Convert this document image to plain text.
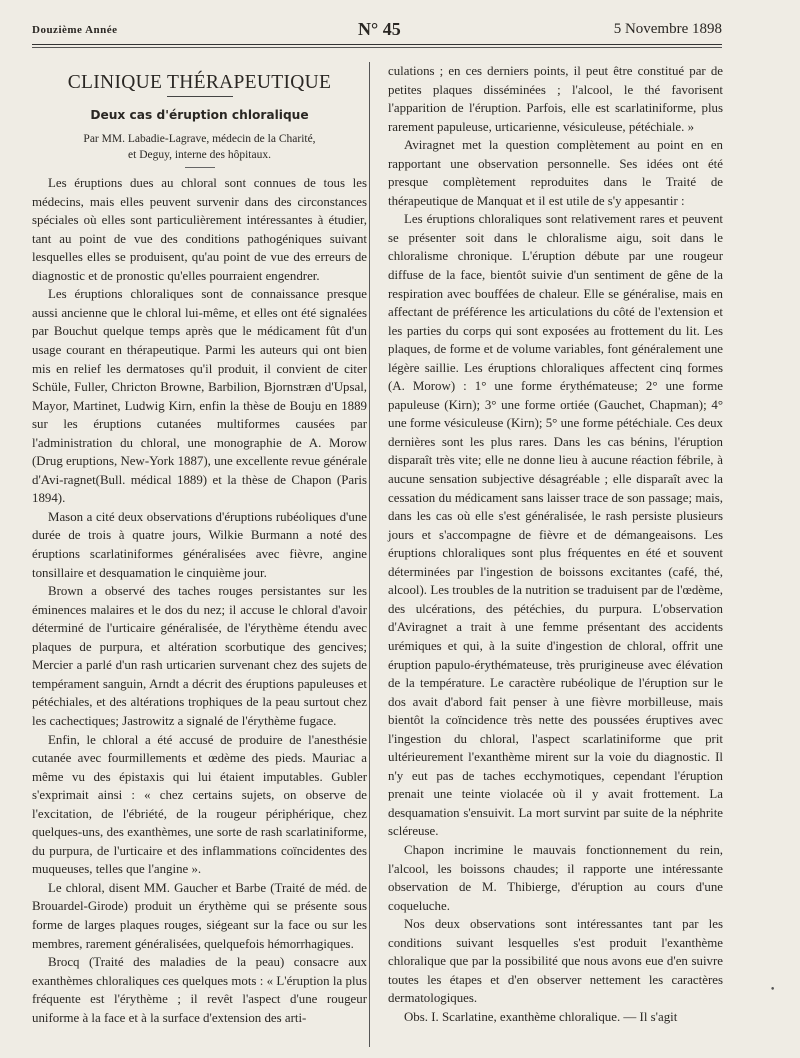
Douzième Année	N° 45	5 Novembre 1898
CLINIQUE THÉRAPEUTIQUE
Deux cas d'éruption chloralique
Par MM. Labadie-Lagrave, médecin de la Charité,
et Deguy, interne des hôpitaux.

Les éruptions dues au chloral sont connues de tous les médecins, mais elles peuvent survenir dans des circonstances spéciales où elles sont particulièrement intéressantes à étudier, tant au point de vue des conditions pathogéniques suivant lesquelles elles se produisent, qu'au point de vue des erreurs de diagnostic et de pronostic qu'elles pourraient engendrer.

Les éruptions chloraliques sont de connaissance presque aussi ancienne que le chloral lui-même, et elles ont été signalées par Bouchut quelque temps après que le médicament fût d'un usage courant en thérapeutique. Parmi les auteurs qui ont bien mis en relief les dermatoses qu'il produit, il convient de citer Schüle, Fuller, Chricton Browne, Barbilion, Bjornstræn d'Upsal, Mayor, Martinet, Ludwig Kirn, enfin la thèse de Bouju en 1889 sur les éruptions cutanées multiformes causées par l'administration du chloral, une monographie de A. Morow (Drug eruptions, New-York 1887), une excellente revue générale d'Avi-ragnet(Bull. médical 1889) et la thèse de Chapon (Paris 1894).

Mason a cité deux observations d'éruptions rubéoliques d'une durée de trois à quatre jours, Wilkie Burmann a noté des éruptions scarlatiniformes généralisées avec fièvre, angine tonsillaire et desquamation le cinquième jour.

Brown a observé des taches rouges persistantes sur les éminences malaires et le dos du nez; il accuse le chloral d'avoir déterminé de l'urticaire généralisée, de l'érythème étendu avec plaques de purpura, et altération scorbutique des gencives; Mercier a parlé d'un rash urticarien survenant chez des sujets de tempérament sanguin, Arndt a décrit des éruptions papuleuses et pétéchiales, et des altérations trophiques de la peau surtout chez les cachectiques; Jastrowitz a signalé de l'érythème fugace.

Enfin, le chloral a été accusé de produire de l'anesthésie cutanée avec fourmillements et œdème des pieds. Mauriac a même vu des épistaxis qui lui étaient imputables. Gubler s'exprimait ainsi : « chez certains sujets, on observe de l'excitation, de l'ébriété, de la rougeur périphérique, chez quelques-uns, des exanthèmes, une sorte de rash scarlatiniforme, du purpura, de l'urticaire et des inflammations coïncidentes des muqueuses, telles que l'angine ».

Le chloral, disent MM. Gaucher et Barbe (Traité de méd. de Brouardel-Girode) produit un érythème qui se présente sous forme de larges plaques rouges, siégeant sur la face ou sur les membres, rarement généralisées, quelquefois hémorrhagiques.

Brocq (Traité des maladies de la peau) consacre aux exanthèmes chloraliques ces quelques mots : « L'éruption la plus fréquente est l'érythème ; il revêt l'aspect d'une rougeur uniforme à la face et à la surface d'extension des arti-

culations ; en ces derniers points, il peut être constitué par de petites plaques disséminées ; l'alcool, le thé favorisent l'apparition de l'éruption. Parfois, elle est scarlatiniforme, plus rarement papuleuse, urticarienne, vésiculeuse, pétéchiale. »

Aviragnet met la question complètement au point en en rapportant une observation personnelle. Ses idées ont été presque complètement reproduites dans le Traité de thérapeutique de Manquat et il est utile de s'y appesantir :

Les éruptions chloraliques sont relativement rares et peuvent se présenter soit dans le chloralisme aigu, soit dans le chloralisme chronique. L'éruption débute par une rougeur diffuse de la face, bientôt suivie d'un sentiment de gêne de la respiration avec bouffées de chaleur. Elle se généralise, mais en affectant de préférence les articulations du côté de l'extension et les parties du corps qui sont exposées au frottement du lit. Les plaques, de forme et de volume variables, font généralement une légère saillie. Les éruptions chloraliques affectent cinq formes (A. Morow) : 1° une forme érythémateuse; 2° une forme papuleuse (Kirn); 3° une forme ortiée (Gauchet, Chapman); 4° une forme vésiculeuse (Kirn); 5° une forme pétéchiale. Ces deux dernières sont les plus rares. Dans les cas bénins, l'éruption disparaît très vite; elle ne donne lieu à aucune réaction fébrile, à aucune sensation subjective désagréable ; elle disparaît avec la cessation du médicament sans laisser trace de son passage; mais, dans les cas où elle s'est généralisée, le rash persiste plusieurs jours et s'accompagne de fièvre et de démangeaisons. Les éruptions chloraliques sont plus fréquentes en été et souvent déterminées par l'ingestion de boissons excitantes (café, thé, alcool). Les troubles de la nutrition se traduisent par de l'œdème, des ulcérations, des pétéchies, du purpura. L'observation d'Aviragnet a trait à une femme présentant des accidents urémiques et qui, à la suite d'ingestion de chloral, offrit une éruption papulo-érythémateuse, très prurigineuse avec élévation de la température. Le caractère rubéolique de l'éruption sur le dos avait d'abord fait penser à une fièvre morbilleuse, mais bientôt la coïncidence très nette des poussées éruptives avec l'ingestion du chloral, l'aspect scarlatiniforme que prit ultérieurement l'exanthème mirent sur la voie du diagnostic. Il n'y eut pas de taches ecchymotiques, cependant l'éruption prenait une teinte violacée où il y avait frottement. La desquamation s'ensuivit. La mort survint par suite de la néphrite scléreuse.

Chapon incrimine le mauvais fonctionnement du rein, l'alcool, les boissons chaudes; il rapporte une intéressante observation de M. Thibierge, d'éruption au cours d'une coqueluche.

Nos deux observations sont intéressantes tant par les conditions suivant lesquelles s'est produit l'exanthème chloralique que par la possibilité que nous avons eue d'en suivre toutes les étapes et d'en observer nettement les caractères dermatologiques.

Obs. I. Scarlatine, exanthème chloralique. — Il s'agit

•
